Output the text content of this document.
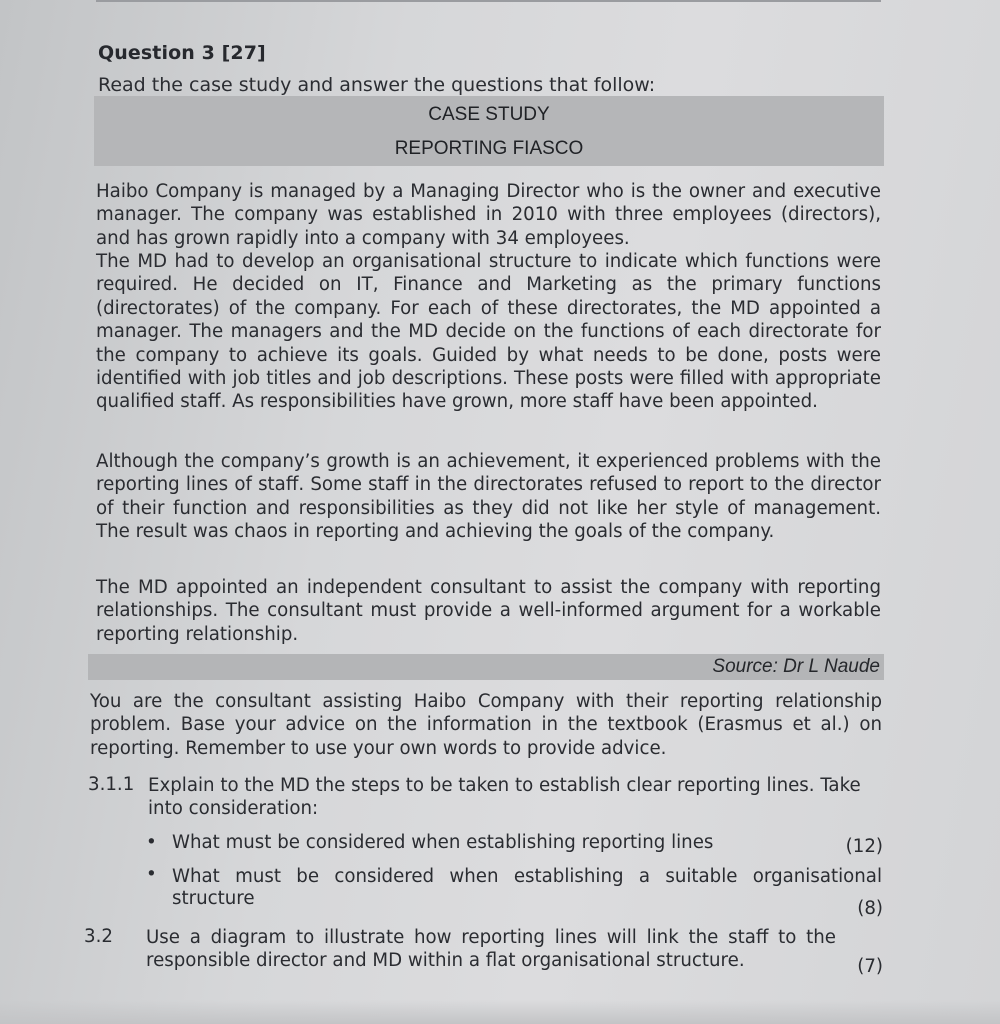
Question 3 [27]
Read the case study and answer the questions that follow:
CASE STUDY
REPORTING FIASCO
Haibo Company is managed by a Managing Director who is the owner and executive manager. The company was established in 2010 with three employees (directors), and has grown rapidly into a company with 34 employees.
The MD had to develop an organisational structure to indicate which functions were required. He decided on IT, Finance and Marketing as the primary functions (directorates) of the company. For each of these directorates, the MD appointed a manager. The managers and the MD decide on the functions of each directorate for the company to achieve its goals. Guided by what needs to be done, posts were identified with job titles and job descriptions. These posts were filled with appropriate qualified staff. As responsibilities have grown, more staff have been appointed.
Although the company’s growth is an achievement, it experienced problems with the reporting lines of staff. Some staff in the directorates refused to report to the director of their function and responsibilities as they did not like her style of management. The result was chaos in reporting and achieving the goals of the company.
The MD appointed an independent consultant to assist the company with reporting relationships. The consultant must provide a well-informed argument for a workable reporting relationship.
Source: Dr L Naude
You are the consultant assisting Haibo Company with their reporting relationship problem. Base your advice on the information in the textbook (Erasmus et al.) on reporting. Remember to use your own words to provide advice.
3.1.1 Explain to the MD the steps to be taken to establish clear reporting lines. Take into consideration:
• What must be considered when establishing reporting lines	(12)
• What must be considered when establishing a suitable organisational structure	(8)
3.2 Use a diagram to illustrate how reporting lines will link the staff to the responsible director and MD within a flat organisational structure.	(7)
